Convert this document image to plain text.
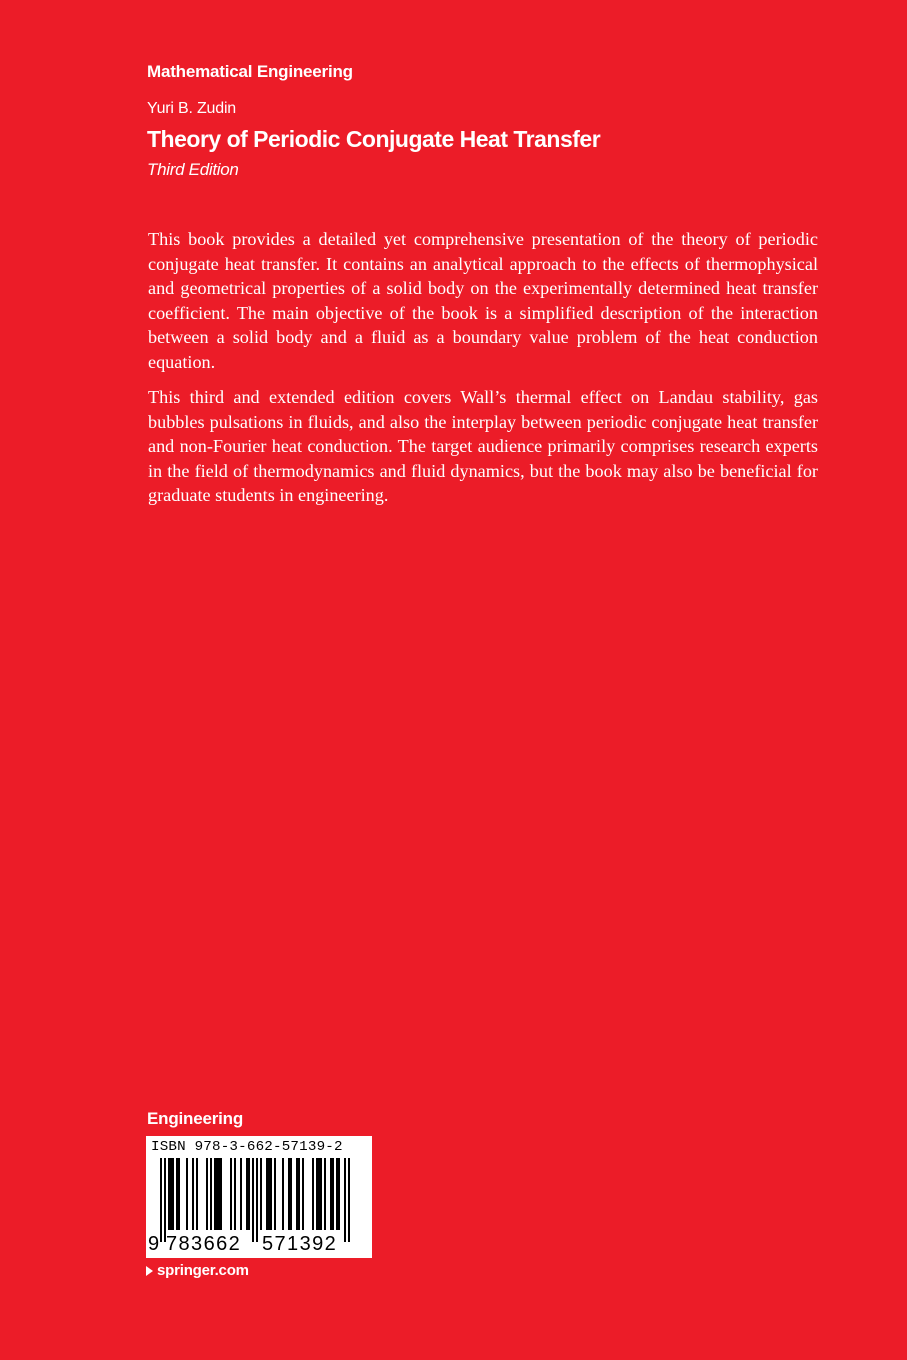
Mathematical Engineering
Yuri B. Zudin
Theory of Periodic Conjugate Heat Transfer
Third Edition

This book provides a detailed yet comprehensive presentation of the theory of periodic conjugate heat transfer. It contains an analytical approach to the effects of thermophysical and geometrical properties of a solid body on the experimentally determined heat transfer coefficient. The main objective of the book is a simplified description of the interaction between a solid body and a fluid as a boundary value problem of the heat conduction equation.

This third and extended edition covers Wall’s thermal effect on Landau stability, gas bubbles pulsations in fluids, and also the interplay between periodic conjugate heat transfer and non-Fourier heat conduction. The target audience primarily comprises research experts in the field of thermodynamics and fluid dynamics, but the book may also be beneficial for graduate students in engineering.

Engineering
ISBN 978-3-662-57139-2
9 783662 571392
springer.com
